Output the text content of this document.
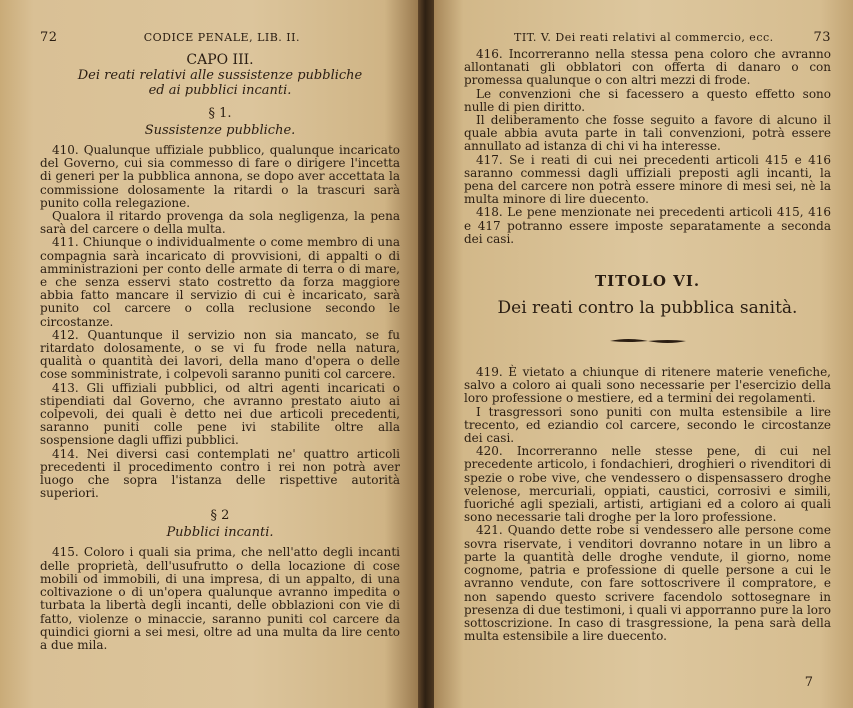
72	CODICE PENALE, LIB. II.
CAPO III.
Dei reati relativi alle sussistenze pubbliche
ed ai pubblici incanti.
§ 1.
Sussistenze pubbliche.

410. Qualunque uffiziale pubblico, qualunque incaricato del Governo, cui sia commesso di fare o dirigere l'incetta di generi per la pubblica annona, se dopo aver accettata la commissione dolosamente la ritardi o la trascuri sarà punito colla relegazione.

Qualora il ritardo provenga da sola negligenza, la pena sarà del carcere o della multa.

411. Chiunque o individualmente o come membro di una compagnia sarà incaricato di provvisioni, di appalti o di amministrazioni per conto delle armate di terra o di mare, e che senza esservi stato costretto da forza maggiore abbia fatto mancare il servizio di cui è incaricato, sarà punito col carcere o colla reclusione secondo le circostanze.

412. Quantunque il servizio non sia mancato, se fu ritardato dolosamente, o se vi fu frode nella natura, qualità o quantità dei lavori, della mano d'opera o delle cose somministrate, i colpevoli saranno puniti col carcere.

413. Gli uffiziali pubblici, od altri agenti incaricati o stipendiati dal Governo, che avranno prestato aiuto ai colpevoli, dei quali è detto nei due articoli precedenti, saranno puniti colle pene ivi stabilite oltre alla sospensione dagli uffizi pubblici.

414. Nei diversi casi contemplati ne' quattro articoli precedenti il procedimento contro i rei non potrà aver luogo che sopra l'istanza delle rispettive autorità superiori.

§ 2
Pubblici incanti.

415. Coloro i quali sia prima, che nell'atto degli incanti delle proprietà, dell'usufrutto o della locazione di cose mobili od immobili, di una impresa, di un appalto, di una coltivazione o di un'opera qualunque avranno impedita o turbata la libertà degli incanti, delle obblazioni con vie di fatto, violenze o minaccie, saranno puniti col carcere da quindici giorni a sei mesi, oltre ad una multa da lire cento a due mila.

TIT. V. Dei reati relativi al commercio, ecc.	73

416. Incorreranno nella stessa pena coloro che avranno allontanati gli obblatori con offerta di danaro o con promessa qualunque o con altri mezzi di frode.

Le convenzioni che si facessero a questo effetto sono nulle di pien diritto.

Il deliberamento che fosse seguito a favore di alcuno il quale abbia avuta parte in tali convenzioni, potrà essere annullato ad istanza di chi vi ha interesse.

417. Se i reati di cui nei precedenti articoli 415 e 416 saranno commessi dagli uffiziali preposti agli incanti, la pena del carcere non potrà essere minore di mesi sei, nè la multa minore di lire duecento.

418. Le pene menzionate nei precedenti articoli 415, 416 e 417 potranno essere imposte separatamente a seconda dei casi.

TITOLO VI.
Dei reati contro la pubblica sanità.

419. È vietato a chiunque di ritenere materie venefiche, salvo a coloro ai quali sono necessarie per l'esercizio della loro professione o mestiere, ed a termini dei regolamenti.

I trasgressori sono puniti con multa estensibile a lire trecento, ed eziandio col carcere, secondo le circostanze dei casi.

420. Incorreranno nelle stesse pene, di cui nel precedente articolo, i fondachieri, droghieri o rivenditori di spezie o robe vive, che vendessero o dispensassero droghe velenose, mercuriali, oppiati, caustici, corrosivi e simili, fuoriché agli speziali, artisti, artigiani ed a coloro ai quali sono necessarie tali droghe per la loro professione.

421. Quando dette robe si vendessero alle persone come sovra riservate, i venditori dovranno notare in un libro a parte la quantità delle droghe vendute, il giorno, nome cognome, patria e professione di quelle persone a cui le avranno vendute, con fare sottoscrivere il compratore, e non sapendo questo scrivere facendolo sottosegnare in presenza di due testimoni, i quali vi apporranno pure la loro sottoscrizione. In caso di trasgressione, la pena sarà della multa estensibile a lire duecento.

7
